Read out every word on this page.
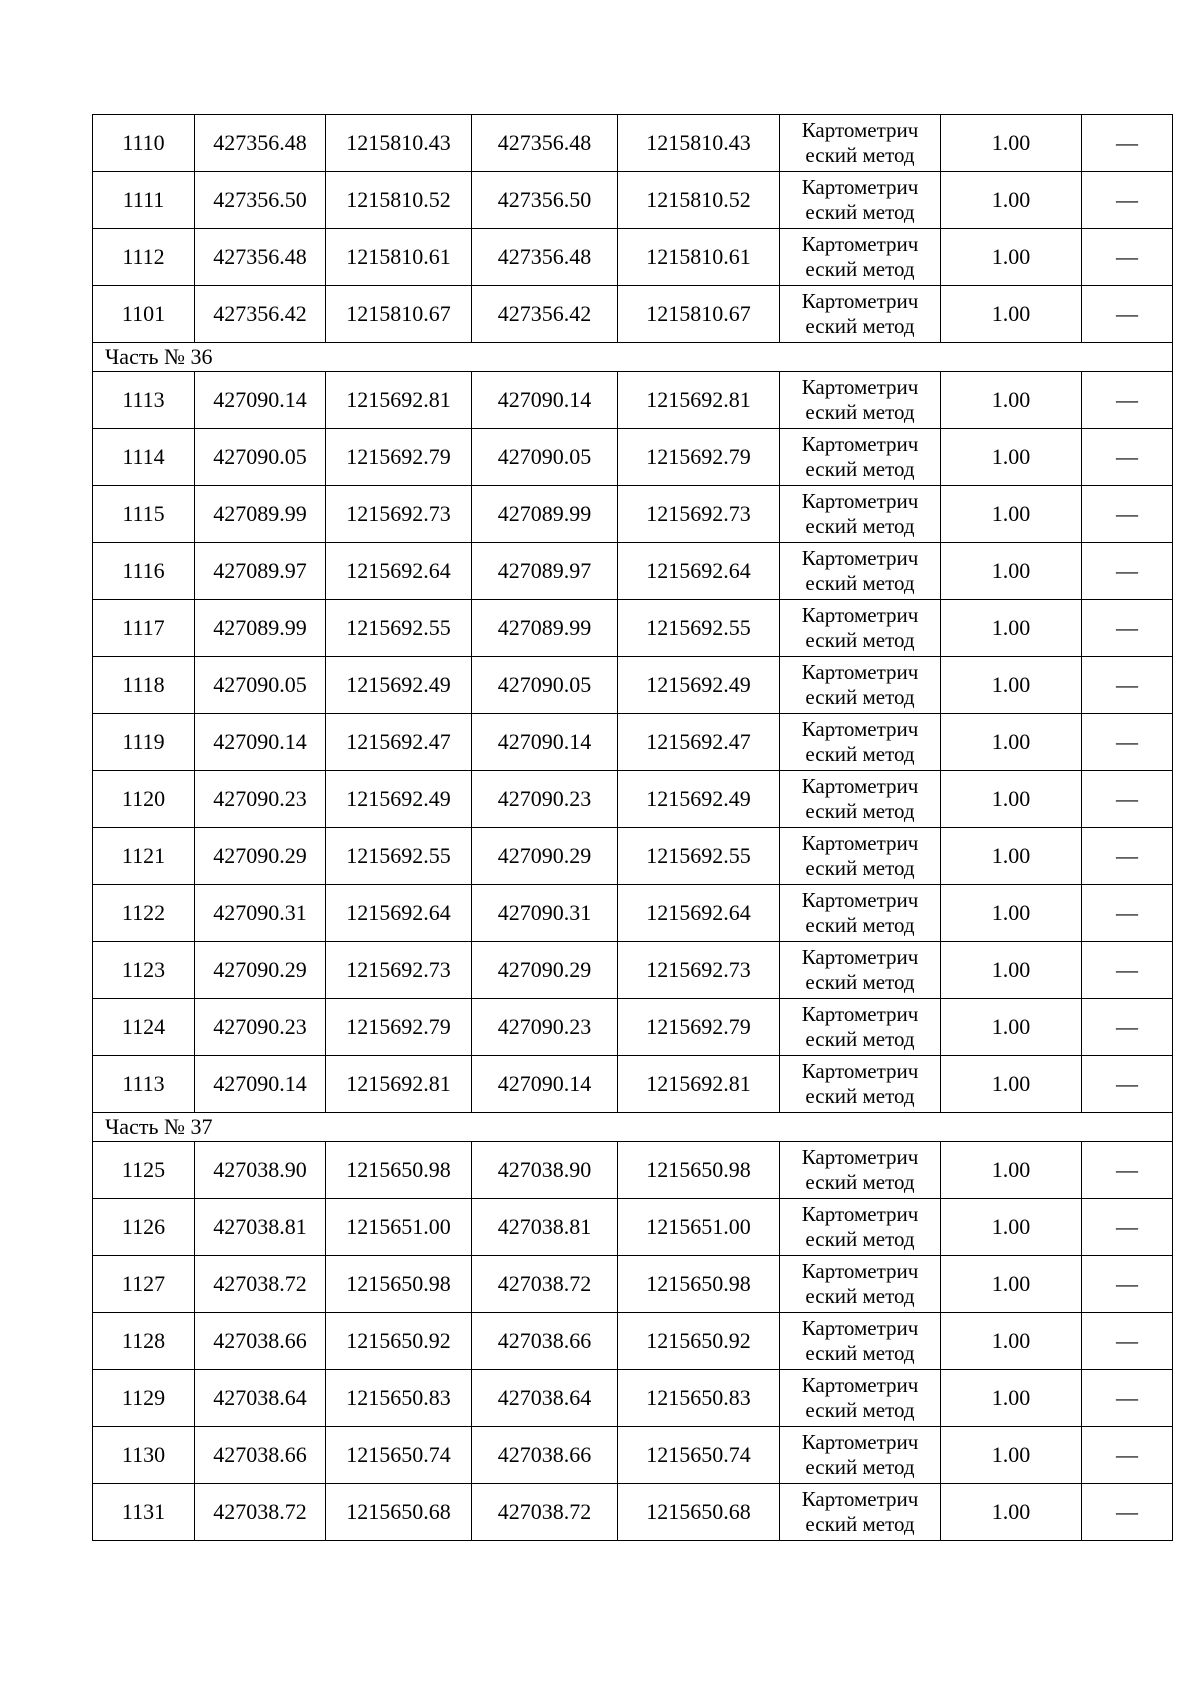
1110	427356.48	1215810.43	427356.48	1215810.43	Картометрич еский метод	1.00	—
1111	427356.50	1215810.52	427356.50	1215810.52	Картометрич еский метод	1.00	—
1112	427356.48	1215810.61	427356.48	1215810.61	Картометрич еский метод	1.00	—
1101	427356.42	1215810.67	427356.42	1215810.67	Картометрич еский метод	1.00	—
Часть № 36							
1113	427090.14	1215692.81	427090.14	1215692.81	Картометрич еский метод	1.00	—
1114	427090.05	1215692.79	427090.05	1215692.79	Картометрич еский метод	1.00	—
1115	427089.99	1215692.73	427089.99	1215692.73	Картометрич еский метод	1.00	—
1116	427089.97	1215692.64	427089.97	1215692.64	Картометрич еский метод	1.00	—
1117	427089.99	1215692.55	427089.99	1215692.55	Картометрич еский метод	1.00	—
1118	427090.05	1215692.49	427090.05	1215692.49	Картометрич еский метод	1.00	—
1119	427090.14	1215692.47	427090.14	1215692.47	Картометрич еский метод	1.00	—
1120	427090.23	1215692.49	427090.23	1215692.49	Картометрич еский метод	1.00	—
1121	427090.29	1215692.55	427090.29	1215692.55	Картометрич еский метод	1.00	—
1122	427090.31	1215692.64	427090.31	1215692.64	Картометрич еский метод	1.00	—
1123	427090.29	1215692.73	427090.29	1215692.73	Картометрич еский метод	1.00	—
1124	427090.23	1215692.79	427090.23	1215692.79	Картометрич еский метод	1.00	—
1113	427090.14	1215692.81	427090.14	1215692.81	Картометрич еский метод	1.00	—
Часть № 37							
1125	427038.90	1215650.98	427038.90	1215650.98	Картометрич еский метод	1.00	—
1126	427038.81	1215651.00	427038.81	1215651.00	Картометрич еский метод	1.00	—
1127	427038.72	1215650.98	427038.72	1215650.98	Картометрич еский метод	1.00	—
1128	427038.66	1215650.92	427038.66	1215650.92	Картометрич еский метод	1.00	—
1129	427038.64	1215650.83	427038.64	1215650.83	Картометрич еский метод	1.00	—
1130	427038.66	1215650.74	427038.66	1215650.74	Картометрич еский метод	1.00	—
1131	427038.72	1215650.68	427038.72	1215650.68	Картометрич еский метод	1.00	—
